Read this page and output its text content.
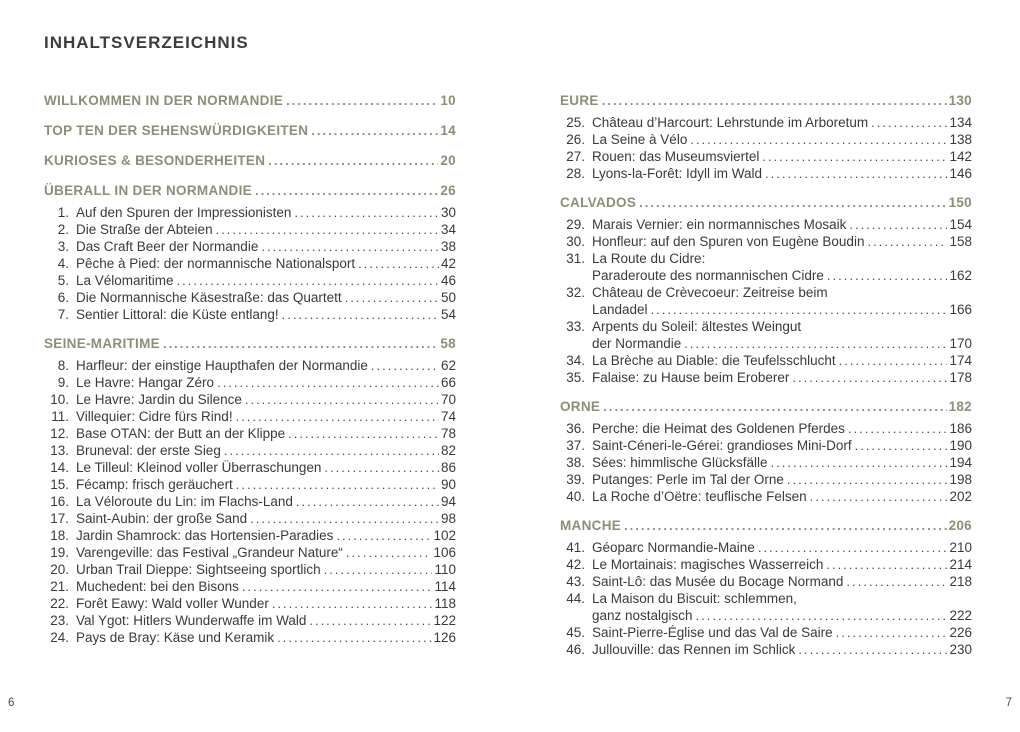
INHALTSVERZEICHNIS
WILLKOMMEN IN DER NORMANDIE .....	10
TOP TEN DER SEHENSWÜRDIGKEITEN .....	14
KURIOSES & BESONDERHEITEN .....	20
ÜBERALL IN DER NORMANDIE .....	26
1. Auf den Spuren der Impressionisten .....	30
2. Die Straße der Abteien .....	34
3. Das Craft Beer der Normandie .....	38
4. Pêche à Pied: der normannische Nationalsport .....	42
5. La Vélomaritime .....	46
6. Die Normannische Käsestraße: das Quartett .....	50
7. Sentier Littoral: die Küste entlang! .....	54
SEINE-MARITIME .....	58
8. Harfleur: der einstige Haupthafen der Normandie .....	62
9. Le Havre: Hangar Zéro .....	66
10. Le Havre: Jardin du Silence .....	70
11. Villequier: Cidre fürs Rind! .....	74
12. Base OTAN: der Butt an der Klippe .....	78
13. Bruneval: der erste Sieg .....	82
14. Le Tilleul: Kleinod voller Überraschungen .....	86
15. Fécamp: frisch geräuchert .....	90
16. La Véloroute du Lin: im Flachs-Land .....	94
17. Saint-Aubin: der große Sand .....	98
18. Jardin Shamrock: das Hortensien-Paradies .....	102
19. Varengeville: das Festival „Grandeur Nature“ .....	106
20. Urban Trail Dieppe: Sightseeing sportlich .....	110
21. Muchedent: bei den Bisons .....	114
22. Forêt Eawy: Wald voller Wunder .....	118
23. Val Ygot: Hitlers Wunderwaffe im Wald .....	122
24. Pays de Bray: Käse und Keramik .....	126
EURE .....	130
25. Château d’Harcourt: Lehrstunde im Arboretum .....	134
26. La Seine à Vélo .....	138
27. Rouen: das Museumsviertel .....	142
28. Lyons-la-Forêt: Idyll im Wald .....	146
CALVADOS .....	150
29. Marais Vernier: ein normannisches Mosaik .....	154
30. Honfleur: auf den Spuren von Eugène Boudin .....	158
31. La Route du Cidre:
Paraderoute des normannischen Cidre .....	162
32. Château de Crèvecoeur: Zeitreise beim
Landadel .....	166
33. Arpents du Soleil: ältestes Weingut
der Normandie .....	170
34. La Brèche au Diable: die Teufelsschlucht .....	174
35. Falaise: zu Hause beim Eroberer .....	178
ORNE .....	182
36. Perche: die Heimat des Goldenen Pferdes .....	186
37. Saint-Céneri-le-Gérei: grandioses Mini-Dorf .....	190
38. Sées: himmlische Glücksfälle .....	194
39. Putanges: Perle im Tal der Orne .....	198
40. La Roche d’Oëtre: teuflische Felsen .....	202
MANCHE .....	206
41. Géoparc Normandie-Maine .....	210
42. Le Mortainais: magisches Wasserreich .....	214
43. Saint-Lô: das Musée du Bocage Normand .....	218
44. La Maison du Biscuit: schlemmen,
ganz nostalgisch .....	222
45. Saint-Pierre-Église und das Val de Saire .....	226
46. Jullouville: das Rennen im Schlick .....	230
6	7
